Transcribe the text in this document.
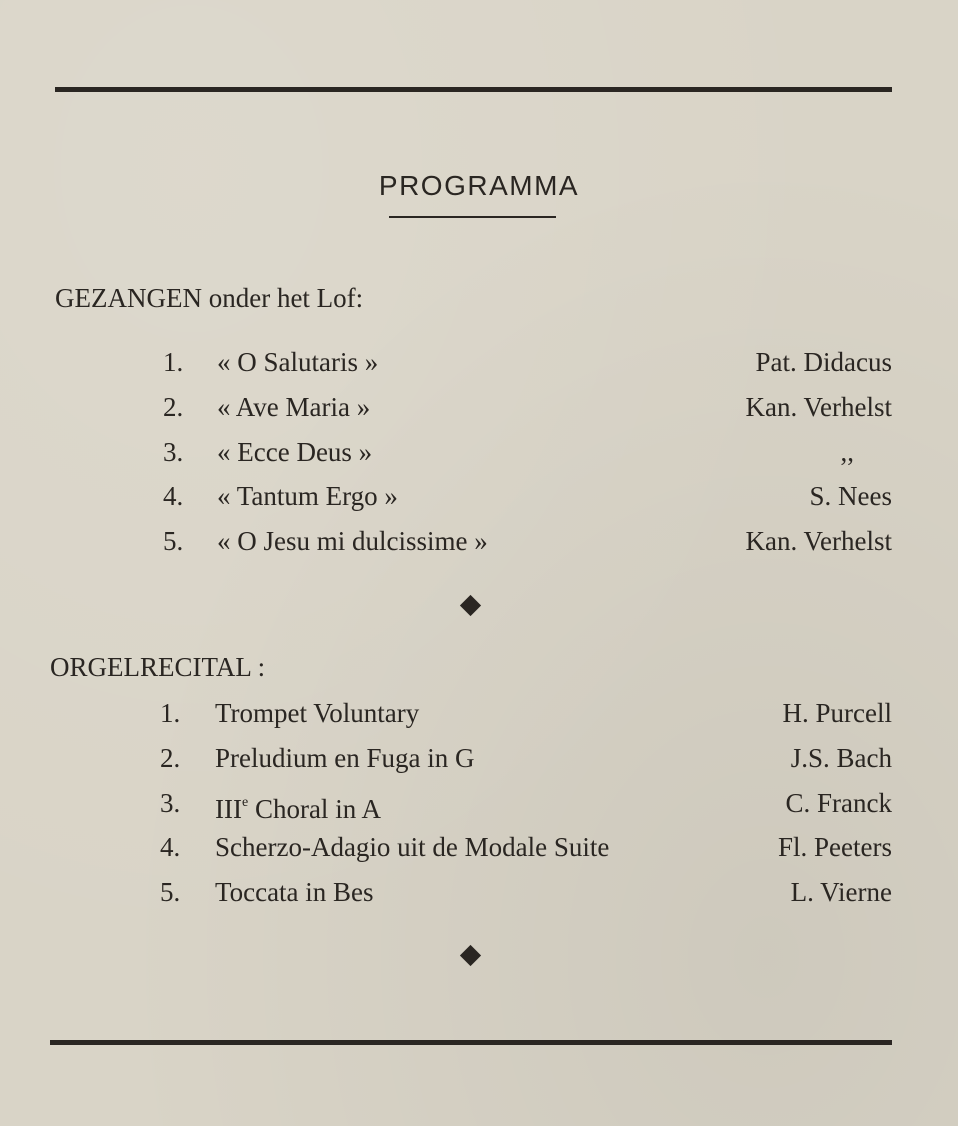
PROGRAMMA
GEZANGEN onder het Lof:
1.	« O Salutaris »	Pat. Didacus
2.	« Ave Maria »	Kan. Verhelst
3.	« Ecce Deus »	,,
4.	« Tantum Ergo »	S. Nees
5.	« O Jesu mi dulcissime »	Kan. Verhelst
ORGELRECITAL :
1.	Trompet Voluntary	H. Purcell
2.	Preludium en Fuga in G	J.S. Bach
3.	IIIe Choral in A	C. Franck
4.	Scherzo-Adagio uit de Modale Suite	Fl. Peeters
5.	Toccata in Bes	L. Vierne
